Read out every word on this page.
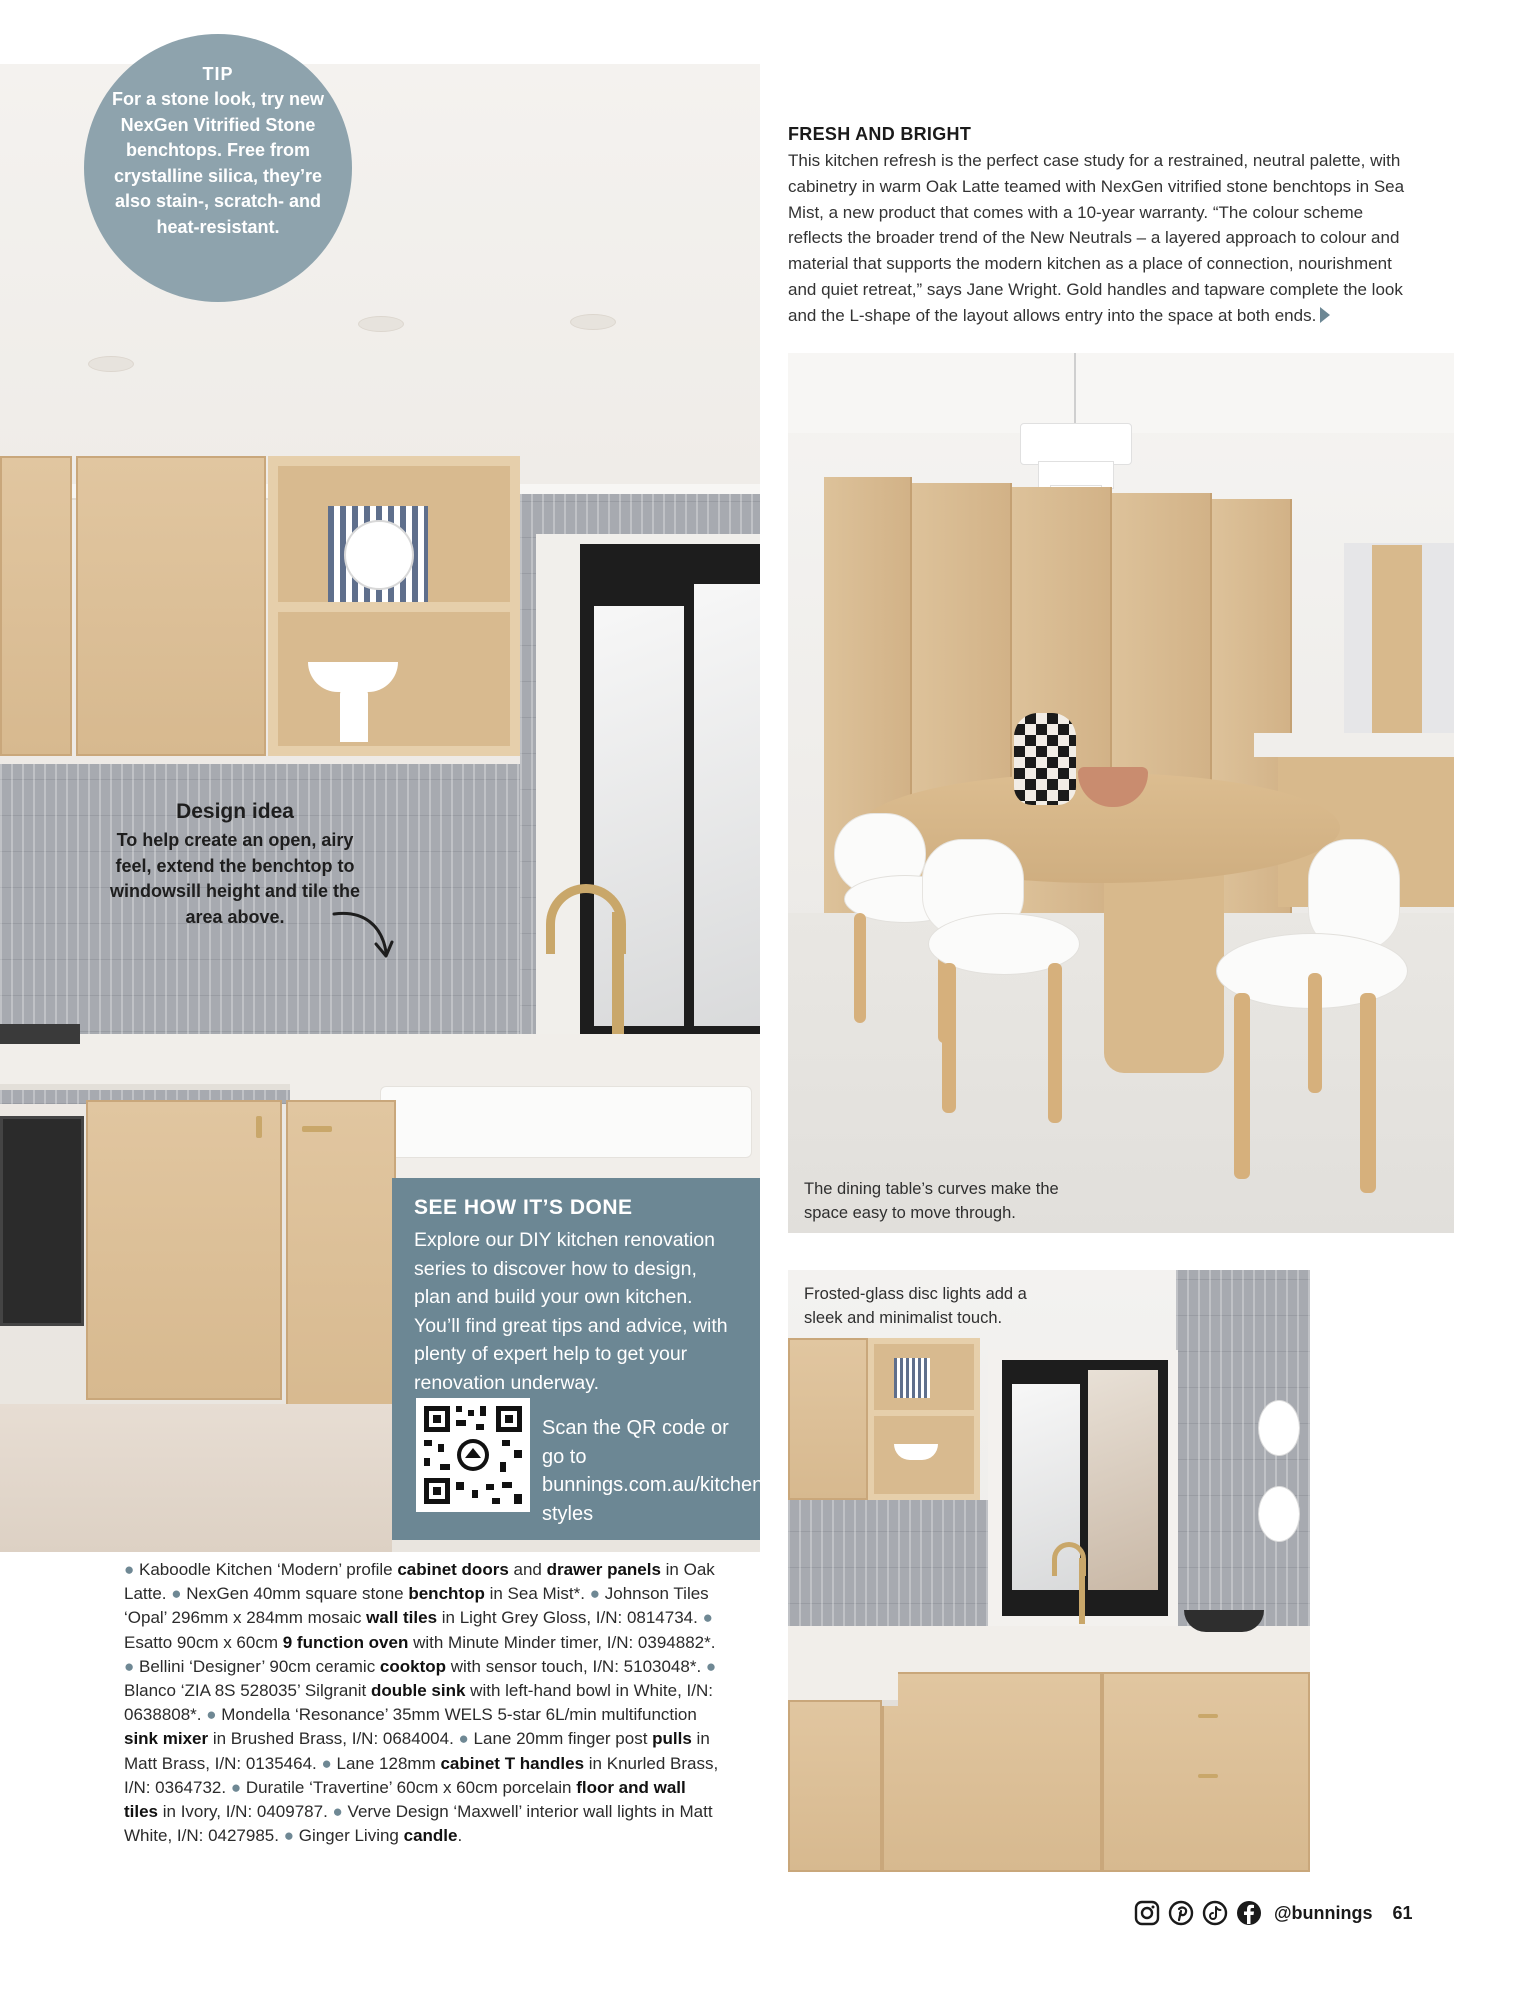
TIP
For a stone look, try new NexGen Vitrified Stone benchtops. Free from crystalline silica, they’re also stain-, scratch- and heat-resistant.
Design idea
To help create an open, airy feel, extend the benchtop to windowsill height and tile the area above.
SEE HOW IT’S DONE
Explore our DIY kitchen renovation series to discover how to design, plan and build your own kitchen. You’ll find great tips and advice, with plenty of expert help to get your renovation underway.
Scan the QR code or go to bunnings.com.au/kitchen-styles
● Kaboodle Kitchen ‘Modern’ profile cabinet doors and drawer panels in Oak Latte. ● NexGen 40mm square stone benchtop in Sea Mist*. ● Johnson Tiles ‘Opal’ 296mm x 284mm mosaic wall tiles in Light Grey Gloss, I/N: 0814734. ● Esatto 90cm x 60cm 9 function oven with Minute Minder timer, I/N: 0394882*. ● Bellini ‘Designer’ 90cm ceramic cooktop with sensor touch, I/N: 5103048*. ● Blanco ‘ZIA 8S 528035’ Silgranit double sink with left-hand bowl in White, I/N: 0638808*. ● Mondella ‘Resonance’ 35mm WELS 5-star 6L/min multifunction sink mixer in Brushed Brass, I/N: 0684004. ● Lane 20mm finger post pulls in Matt Brass, I/N: 0135464. ● Lane 128mm cabinet T handles in Knurled Brass, I/N: 0364732. ● Duratile ‘Travertine’ 60cm x 60cm porcelain floor and wall tiles in Ivory, I/N: 0409787. ● Verve Design ‘Maxwell’ interior wall lights in Matt White, I/N: 0427985. ● Ginger Living candle.
FRESH AND BRIGHT
This kitchen refresh is the perfect case study for a restrained, neutral palette, with cabinetry in warm Oak Latte teamed with NexGen vitrified stone benchtops in Sea Mist, a new product that comes with a 10-year warranty. “The colour scheme reflects the broader trend of the New Neutrals – a layered approach to colour and material that supports the modern kitchen as a place of connection, nourishment and quiet retreat,” says Jane Wright. Gold handles and tapware complete the look and the L-shape of the layout allows entry into the space at both ends.
The dining table’s curves make the space easy to move through.
Frosted-glass disc lights add a sleek and minimalist touch.
@bunnings 61
